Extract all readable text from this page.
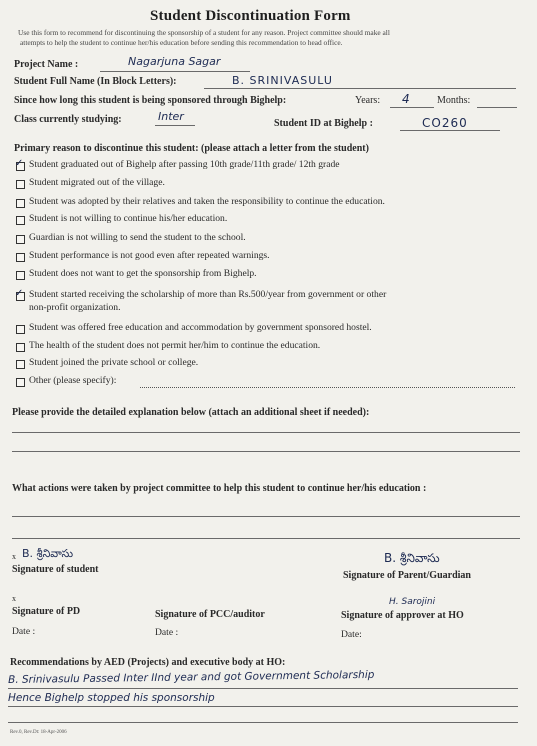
Student Discontinuation Form
Use this form to recommend for discontinuing the sponsorship of a student for any reason. Project committee should make all
attempts to help the student to continue her/his education before sending this recommendation to head office.
Project Name :	Nagarjuna Sagar
Student Full Name (In Block Letters):	B. SRINIVASULU
Since how long this student is being sponsored through Bighelp:	Years: 4	Months:
Class currently studying:	Inter
Student ID at Bighelp :	CO260
Primary reason to discontinue this student: (please attach a letter from the student)
✓ Student graduated out of Bighelp after passing 10th grade/11th grade/ 12th grade
Student migrated out of the village.
Student was adopted by their relatives and taken the responsibility to continue the education.
Student is not willing to continue his/her education.
Guardian is not willing to send the student to the school.
Student performance is not good even after repeated warnings.
Student does not want to get the sponsorship from Bighelp.
✓ Student started receiving the scholarship of more than Rs.500/year from government or other
non-profit organization.
Student was offered free education and accommodation by government sponsored hostel.
The health of the student does not permit her/him to continue the education.
Student joined the private school or college.
Other (please specify):
Please provide the detailed explanation below (attach an additional sheet if needed):
What actions were taken by project committee to help this student to continue her/his education :
x B. శ్రీనివాసు
Signature of student
B. శ్రీనివాసు
Signature of Parent/Guardian
x
Signature of PD	Signature of PCC/auditor
H. Sarojini
Signature of approver at HO
Date :	Date :	Date:
Recommendations by AED (Projects) and executive body at HO:
B. Srinivasulu Passed Inter IInd year and got Government Scholarship
Hence Bighelp stopped his sponsorship
Rev.0, Rev.Dt: 18-Apr-2006
